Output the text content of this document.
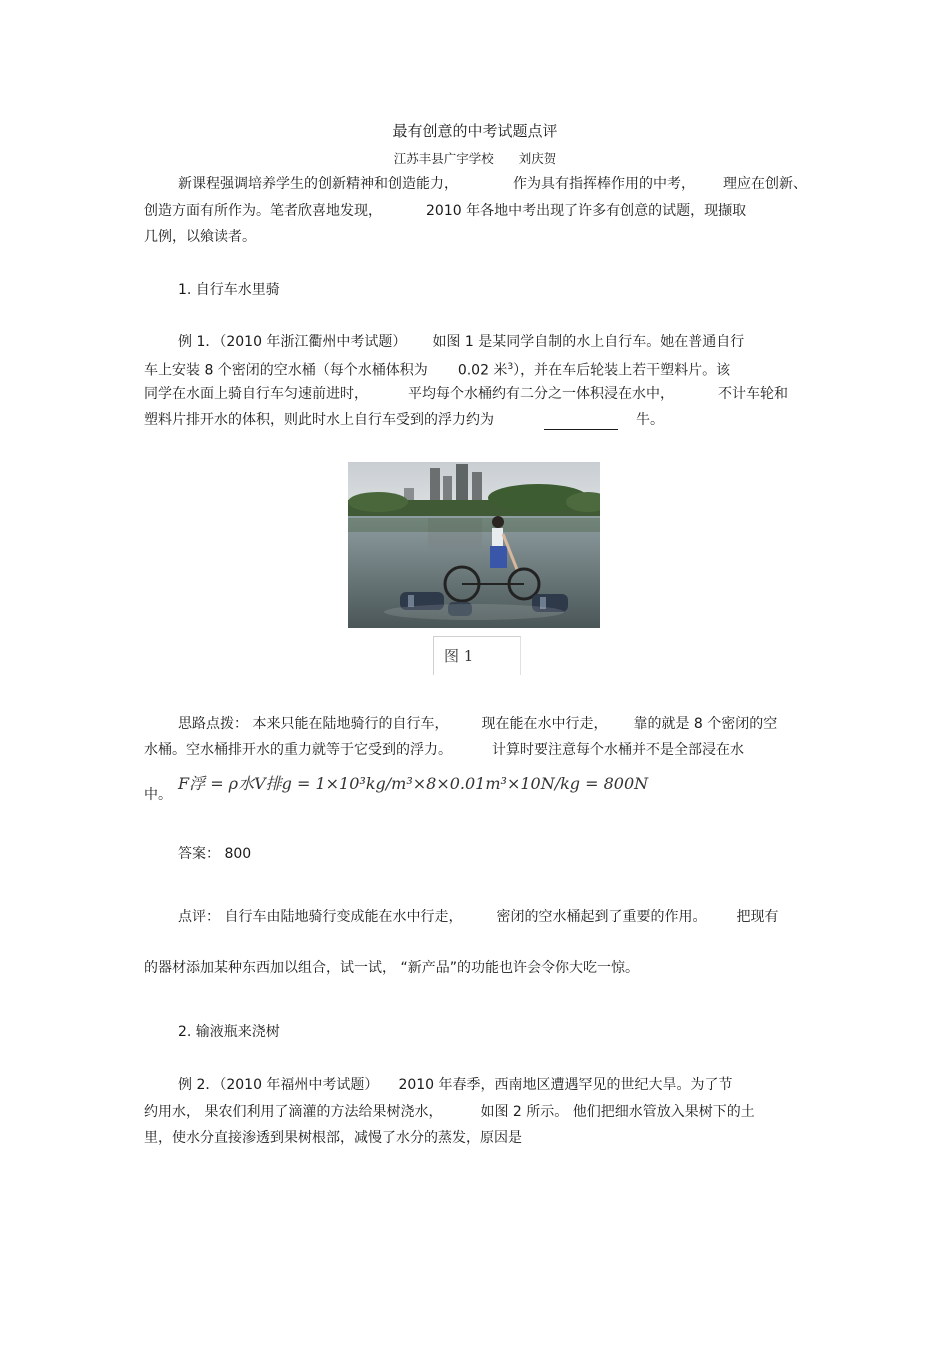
最有创意的中考试题点评
江苏丰县广宇学校　　刘庆贺
新课程强调培养学生的创新精神和创造能力，	作为具有指挥棒作用的中考， 理应在创新、
创造方面有所作为。笔者欣喜地发现，	2010 年各地中考出现了许多有创意的试题，现撷取
几例，以飨读者。
1. 自行车水里骑
例 1．（2010 年浙江衢州中考试题） 如图 1 是某同学自制的水上自行车。她在普通自行
车上安装 8 个密闭的空水桶（每个水桶体积为 0.02 米$^3$），并在车后轮装上若干塑料片。该
同学在水面上骑自行车匀速前进时，	平均每个水桶约有二分之一体积浸在水中，	不计车轮和
塑料片排开水的体积，则此时水上自行车受到的浮力约为	牛。
图 1
思路点拨： 本来只能在陆地骑行的自行车， 现在能在水中行走， 靠的就是 8 个密闭的空
水桶。空水桶排开水的重力就等于它受到的浮力。	计算时要注意每个水桶并不是全部浸在水
中。
F浮 = ρ水V排g = 1×10³kg/m³×8×0.01m³×10N/kg = 800N
答案： 800
点评： 自行车由陆地骑行变成能在水中行走， 密闭的空水桶起到了重要的作用。 把现有
的器材添加某种东西加以组合，试一试， “新产品”的功能也许会令你大吃一惊。
2. 输液瓶来浇树
例 2．（2010 年福州中考试题） 2010 年春季，西南地区遭遇罕见的世纪大旱。为了节
约用水， 果农们利用了滴灌的方法给果树浇水，	如图 2 所示。 他们把细水管放入果树下的土
里，使水分直接渗透到果树根部，减慢了水分的蒸发，原因是
